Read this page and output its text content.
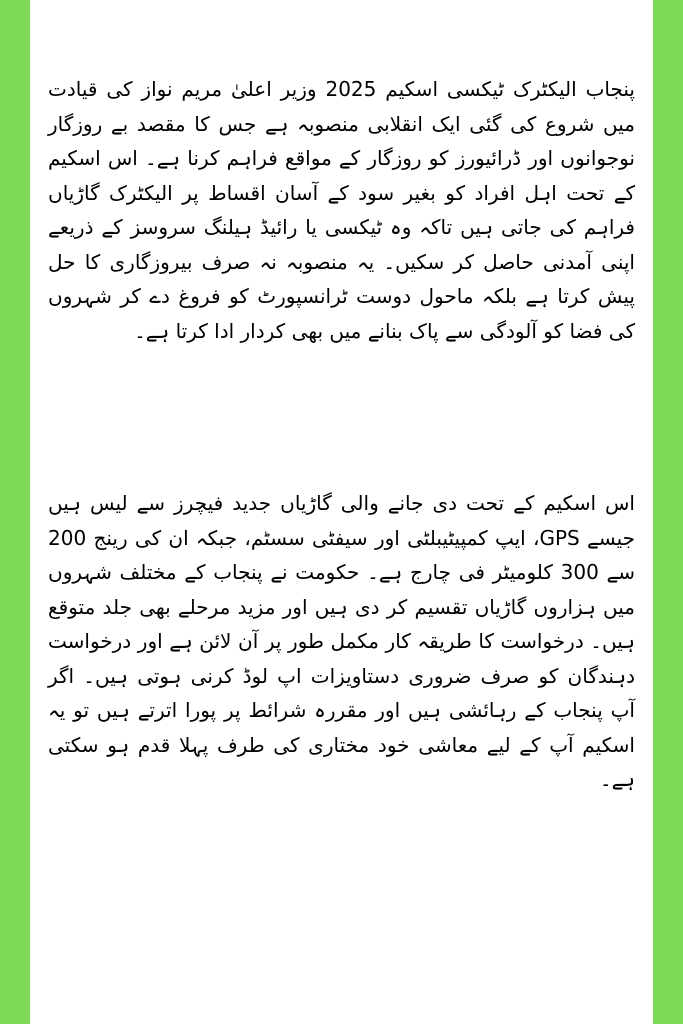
پنجاب الیکٹرک ٹیکسی اسکیم 2025 وزیر اعلیٰ مریم نواز کی قیادت میں شروع کی گئی ایک انقلابی منصوبہ ہے جس کا مقصد بے روزگار نوجوانوں اور ڈرائیورز کو روزگار کے مواقع فراہم کرنا ہے۔ اس اسکیم کے تحت اہل افراد کو بغیر سود کے آسان اقساط پر الیکٹرک گاڑیاں فراہم کی جاتی ہیں تاکہ وہ ٹیکسی یا رائیڈ ہیلنگ سروسز کے ذریعے اپنی آمدنی حاصل کر سکیں۔ یہ منصوبہ نہ صرف بیروزگاری کا حل پیش کرتا ہے بلکہ ماحول دوست ٹرانسپورٹ کو فروغ دے کر شہروں کی فضا کو آلودگی سے پاک بنانے میں بھی کردار ادا کرتا ہے۔

اس اسکیم کے تحت دی جانے والی گاڑیاں جدید فیچرز سے لیس ہیں جیسے GPS، ایپ کمپیٹیبلٹی اور سیفٹی سسٹم، جبکہ ان کی رینج 200 سے 300 کلومیٹر فی چارج ہے۔ حکومت نے پنجاب کے مختلف شہروں میں ہزاروں گاڑیاں تقسیم کر دی ہیں اور مزید مرحلے بھی جلد متوقع ہیں۔ درخواست کا طریقہ کار مکمل طور پر آن لائن ہے اور درخواست دہندگان کو صرف ضروری دستاویزات اپ لوڈ کرنی ہوتی ہیں۔ اگر آپ پنجاب کے رہائشی ہیں اور مقررہ شرائط پر پورا اترتے ہیں تو یہ اسکیم آپ کے لیے معاشی خود مختاری کی طرف پہلا قدم ہو سکتی ہے۔
